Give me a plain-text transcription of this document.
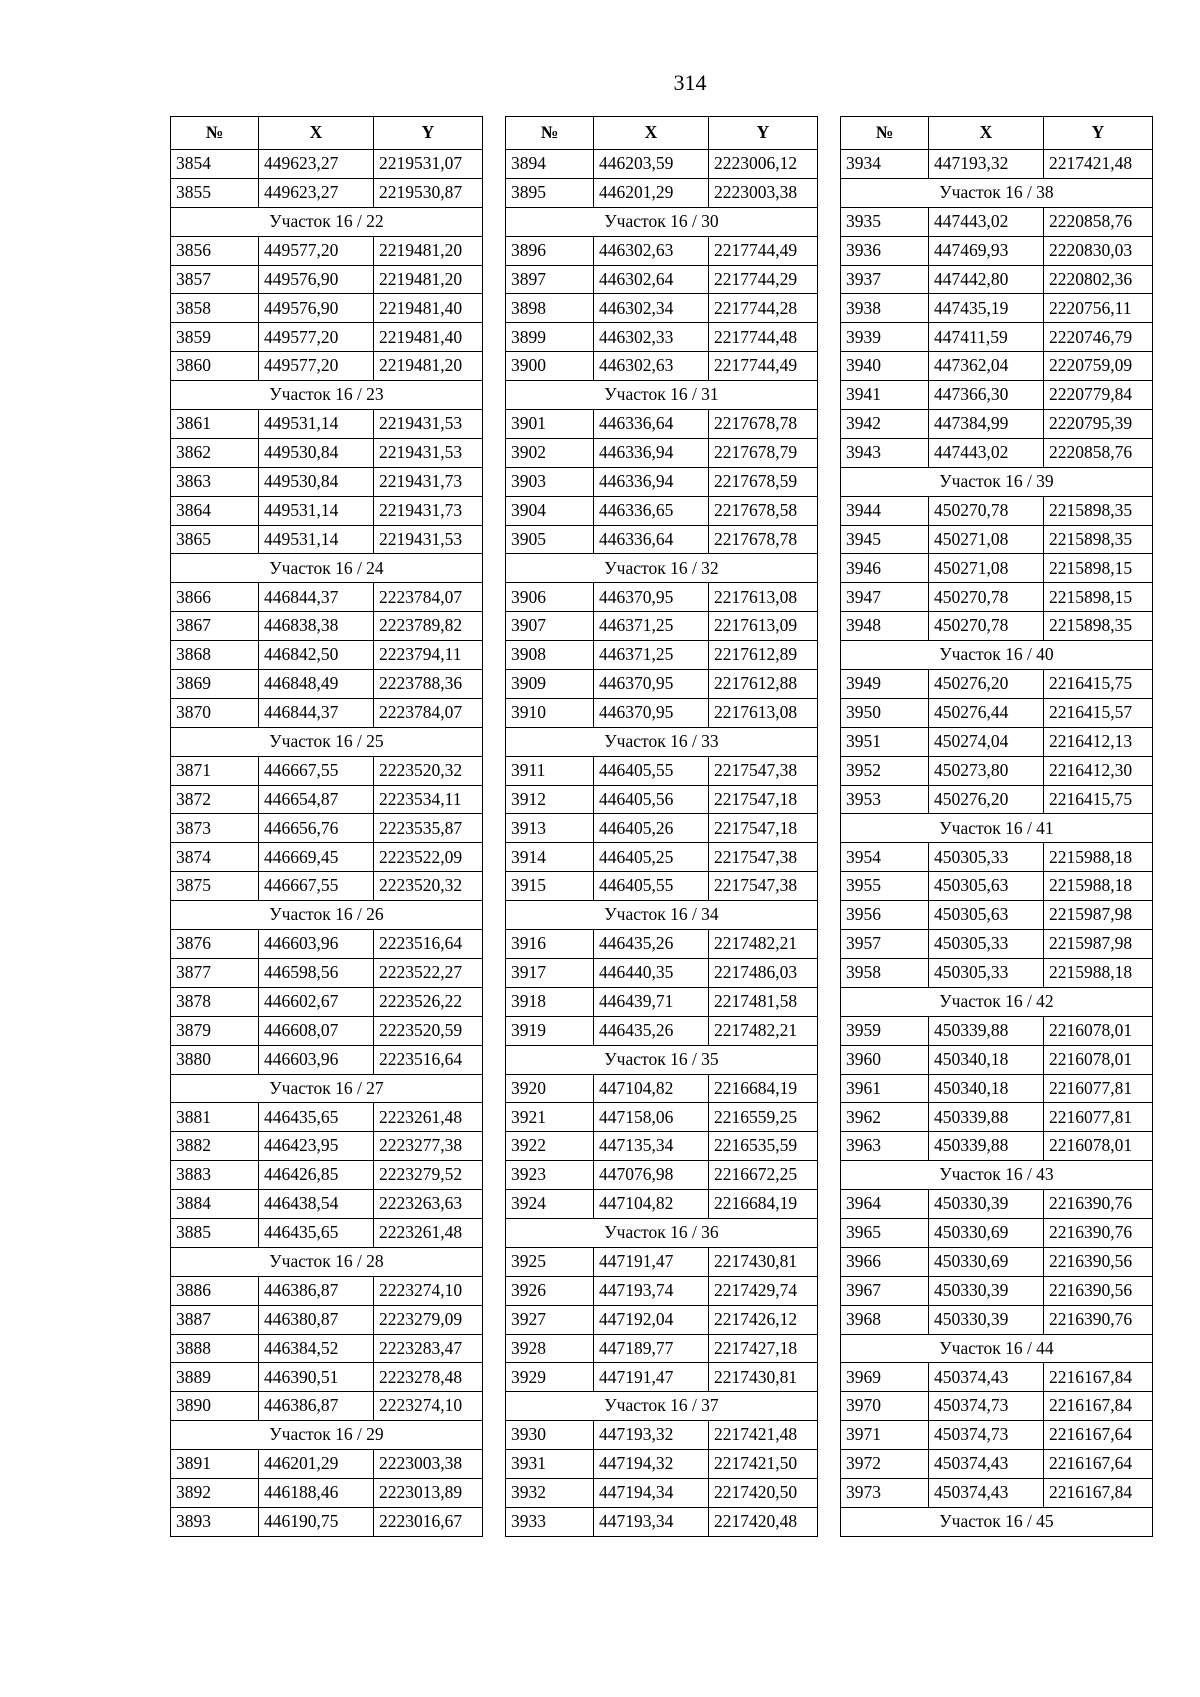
314
№	X	Y
3854	449623,27	2219531,07
3855	449623,27	2219530,87
Участок 16 / 22		
3856	449577,20	2219481,20
3857	449576,90	2219481,20
3858	449576,90	2219481,40
3859	449577,20	2219481,40
3860	449577,20	2219481,20
Участок 16 / 23		
3861	449531,14	2219431,53
3862	449530,84	2219431,53
3863	449530,84	2219431,73
3864	449531,14	2219431,73
3865	449531,14	2219431,53
Участок 16 / 24		
3866	446844,37	2223784,07
3867	446838,38	2223789,82
3868	446842,50	2223794,11
3869	446848,49	2223788,36
3870	446844,37	2223784,07
Участок 16 / 25		
3871	446667,55	2223520,32
3872	446654,87	2223534,11
3873	446656,76	2223535,87
3874	446669,45	2223522,09
3875	446667,55	2223520,32
Участок 16 / 26		
3876	446603,96	2223516,64
3877	446598,56	2223522,27
3878	446602,67	2223526,22
3879	446608,07	2223520,59
3880	446603,96	2223516,64
Участок 16 / 27		
3881	446435,65	2223261,48
3882	446423,95	2223277,38
3883	446426,85	2223279,52
3884	446438,54	2223263,63
3885	446435,65	2223261,48
Участок 16 / 28		
3886	446386,87	2223274,10
3887	446380,87	2223279,09
3888	446384,52	2223283,47
3889	446390,51	2223278,48
3890	446386,87	2223274,10
Участок 16 / 29		
3891	446201,29	2223003,38
3892	446188,46	2223013,89
3893	446190,75	2223016,67
№	X	Y
3894	446203,59	2223006,12
3895	446201,29	2223003,38
Участок 16 / 30		
3896	446302,63	2217744,49
3897	446302,64	2217744,29
3898	446302,34	2217744,28
3899	446302,33	2217744,48
3900	446302,63	2217744,49
Участок 16 / 31		
3901	446336,64	2217678,78
3902	446336,94	2217678,79
3903	446336,94	2217678,59
3904	446336,65	2217678,58
3905	446336,64	2217678,78
Участок 16 / 32		
3906	446370,95	2217613,08
3907	446371,25	2217613,09
3908	446371,25	2217612,89
3909	446370,95	2217612,88
3910	446370,95	2217613,08
Участок 16 / 33		
3911	446405,55	2217547,38
3912	446405,56	2217547,18
3913	446405,26	2217547,18
3914	446405,25	2217547,38
3915	446405,55	2217547,38
Участок 16 / 34		
3916	446435,26	2217482,21
3917	446440,35	2217486,03
3918	446439,71	2217481,58
3919	446435,26	2217482,21
Участок 16 / 35		
3920	447104,82	2216684,19
3921	447158,06	2216559,25
3922	447135,34	2216535,59
3923	447076,98	2216672,25
3924	447104,82	2216684,19
Участок 16 / 36		
3925	447191,47	2217430,81
3926	447193,74	2217429,74
3927	447192,04	2217426,12
3928	447189,77	2217427,18
3929	447191,47	2217430,81
Участок 16 / 37		
3930	447193,32	2217421,48
3931	447194,32	2217421,50
3932	447194,34	2217420,50
3933	447193,34	2217420,48
№	X	Y
3934	447193,32	2217421,48
Участок 16 / 38		
3935	447443,02	2220858,76
3936	447469,93	2220830,03
3937	447442,80	2220802,36
3938	447435,19	2220756,11
3939	447411,59	2220746,79
3940	447362,04	2220759,09
3941	447366,30	2220779,84
3942	447384,99	2220795,39
3943	447443,02	2220858,76
Участок 16 / 39		
3944	450270,78	2215898,35
3945	450271,08	2215898,35
3946	450271,08	2215898,15
3947	450270,78	2215898,15
3948	450270,78	2215898,35
Участок 16 / 40		
3949	450276,20	2216415,75
3950	450276,44	2216415,57
3951	450274,04	2216412,13
3952	450273,80	2216412,30
3953	450276,20	2216415,75
Участок 16 / 41		
3954	450305,33	2215988,18
3955	450305,63	2215988,18
3956	450305,63	2215987,98
3957	450305,33	2215987,98
3958	450305,33	2215988,18
Участок 16 / 42		
3959	450339,88	2216078,01
3960	450340,18	2216078,01
3961	450340,18	2216077,81
3962	450339,88	2216077,81
3963	450339,88	2216078,01
Участок 16 / 43		
3964	450330,39	2216390,76
3965	450330,69	2216390,76
3966	450330,69	2216390,56
3967	450330,39	2216390,56
3968	450330,39	2216390,76
Участок 16 / 44		
3969	450374,43	2216167,84
3970	450374,73	2216167,84
3971	450374,73	2216167,64
3972	450374,43	2216167,64
3973	450374,43	2216167,84
Участок 16 / 45		
